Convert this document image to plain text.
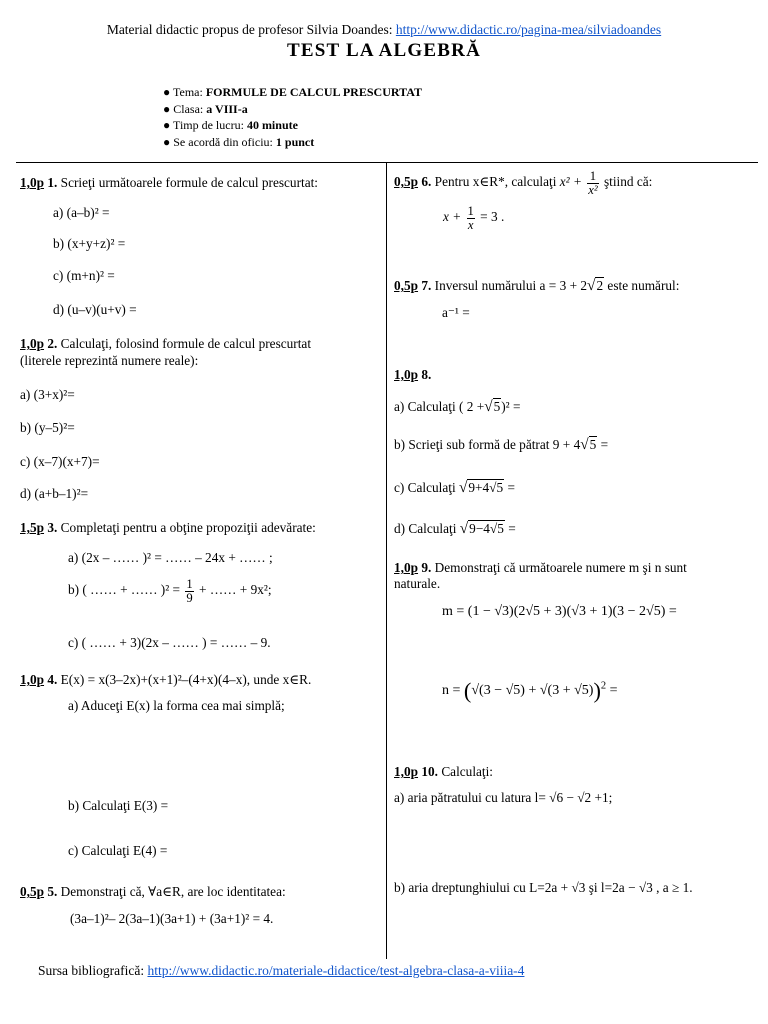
Material didactic propus de profesor Silvia Doandes: http://www.didactic.ro/pagina-mea/silviadoandes
TEST LA ALGEBRĂ
● Tema: FORMULE DE CALCUL PRESCURTAT
● Clasa: a VIII-a
● Timp de lucru: 40 minute
● Se acordă din oficiu: 1 punct
1,0p 1. Scrieţi următoarele formule de calcul prescurtat:
a) (a–b)² =
b) (x+y+z)² =
c) (m+n)² =
d) (u–v)(u+v) =
1,0p 2. Calculaţi, folosind formule de calcul prescurtat
(literele reprezintă numere reale):
a) (3+x)²=
b) (y–5)²=
c) (x–7)(x+7)=
d) (a+b–1)²=
1,5p 3. Completaţi pentru a obţine propoziţii adevărate:
a) (2x – …… )² = …… – 24x + …… ;
b) ( …… + …… )$^2 = \frac{1}{9}$ + …… + 9x²;
c) ( …… + 3)(2x – …… ) = …… – 9.
1,0p 4. E(x) = x(3–2x)+(x+1)²–(4+x)(4–x), unde x∈R.
a) Aduceţi E(x) la forma cea mai simplă;
b) Calculaţi E(3) =
c) Calculaţi E(4) =
0,5p 5. Demonstraţi că, ∀a∈R, are loc identitatea:
(3a–1)²– 2(3a–1)(3a+1) + (3a+1)² = 4.
0,5p 6. Pentru x∈R*, calculaţi $x^2 + \frac{1}{\text{x²}}$ ştiind că:
$x + \frac{1}{x} = 3$ .
0,5p 7. Inversul numărului a = 3 + 2√2 este numărul:
a⁻¹ =
1,0p 8.
a) Calculaţi ( 2 +√5)² =
b) Scrieţi sub formă de pătrat 9 + 4√5 =
c) Calculaţi √9+4√5 =
d) Calculaţi √9−4√5 =
1,0p 9. Demonstraţi că următoarele numere m şi n sunt
naturale.
m = (1 − √3)(2√5 + 3)(√3 + 1)(3 − 2√5) =
$n = (√(3 - √5) + √(3 + √5))^2$ =
1,0p 10. Calculaţi:
a) aria pătratului cu latura l= √6 − √2 +1;
b) aria dreptunghiului cu L=2a + √3 şi l=2a − √3 , a ≥ 1.
Sursa bibliografică: http://www.didactic.ro/materiale-didactice/test-algebra-clasa-a-viiia-4
